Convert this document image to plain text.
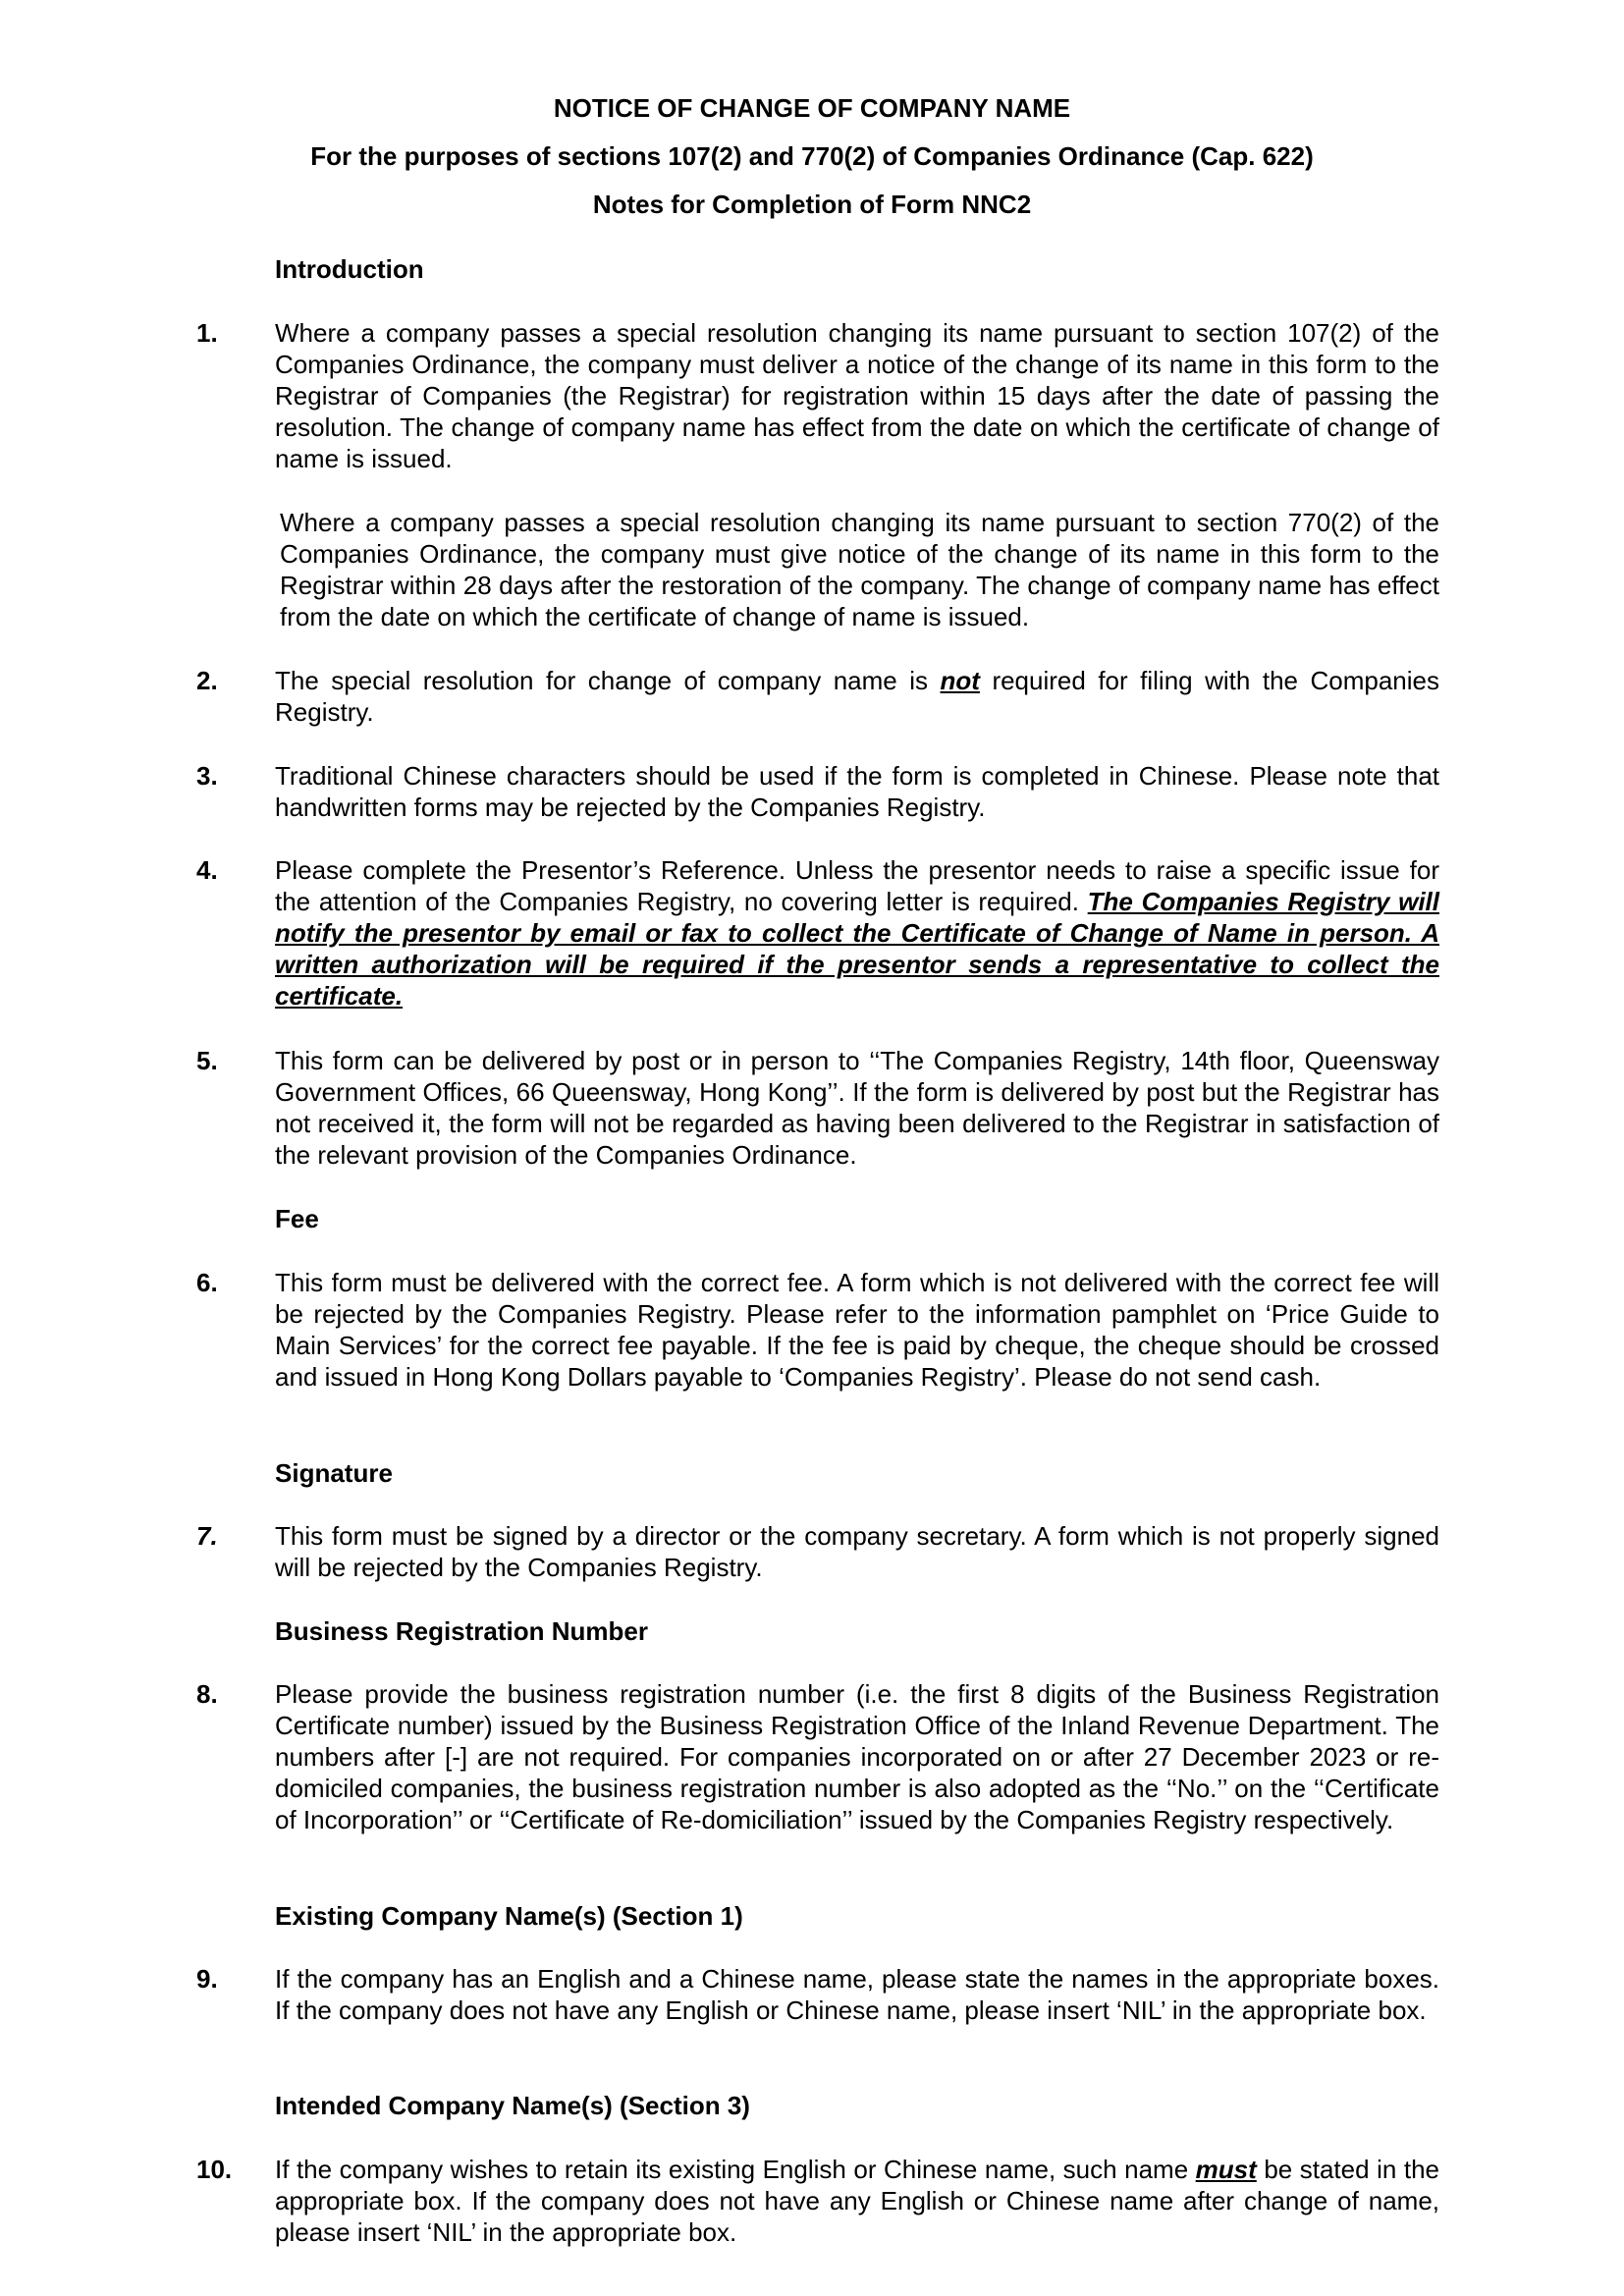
NOTICE OF CHANGE OF COMPANY NAME
For the purposes of sections 107(2) and 770(2) of Companies Ordinance (Cap. 622)
Notes for Completion of Form NNC2
Introduction
1. Where a company passes a special resolution changing its name pursuant to section 107(2) of the Companies Ordinance, the company must deliver a notice of the change of its name in this form to the Registrar of Companies (the Registrar) for registration within 15 days after the date of passing the resolution. The change of company name has effect from the date on which the certificate of change of name is issued.
Where a company passes a special resolution changing its name pursuant to section 770(2) of the Companies Ordinance, the company must give notice of the change of its name in this form to the Registrar within 28 days after the restoration of the company. The change of company name has effect from the date on which the certificate of change of name is issued.
2. The special resolution for change of company name is not required for filing with the Companies Registry.
3. Traditional Chinese characters should be used if the form is completed in Chinese. Please note that handwritten forms may be rejected by the Companies Registry.
4. Please complete the Presentor’s Reference. Unless the presentor needs to raise a specific issue for the attention of the Companies Registry, no covering letter is required. The Companies Registry will notify the presentor by email or fax to collect the Certificate of Change of Name in person. A written authorization will be required if the presentor sends a representative to collect the certificate.
5. This form can be delivered by post or in person to ‘‘The Companies Registry, 14th floor, Queensway Government Offices, 66 Queensway, Hong Kong’’. If the form is delivered by post but the Registrar has not received it, the form will not be regarded as having been delivered to the Registrar in satisfaction of the relevant provision of the Companies Ordinance.
Fee
6. This form must be delivered with the correct fee. A form which is not delivered with the correct fee will be rejected by the Companies Registry. Please refer to the information pamphlet on ‘Price Guide to Main Services’ for the correct fee payable. If the fee is paid by cheque, the cheque should be crossed and issued in Hong Kong Dollars payable to ‘Companies Registry’. Please do not send cash.
Signature
7. This form must be signed by a director or the company secretary. A form which is not properly signed will be rejected by the Companies Registry.
Business Registration Number
8. Please provide the business registration number (i.e. the first 8 digits of the Business Registration Certificate number) issued by the Business Registration Office of the Inland Revenue Department. The numbers after [-] are not required. For companies incorporated on or after 27 December 2023 or re-domiciled companies, the business registration number is also adopted as the ‘‘No.’’ on the ‘‘Certificate of Incorporation’’ or ‘‘Certificate of Re-domiciliation’’ issued by the Companies Registry respectively.
Existing Company Name(s) (Section 1)
9. If the company has an English and a Chinese name, please state the names in the appropriate boxes. If the company does not have any English or Chinese name, please insert ‘NIL’ in the appropriate box.
Intended Company Name(s) (Section 3)
10. If the company wishes to retain its existing English or Chinese name, such name must be stated in the appropriate box. If the company does not have any English or Chinese name after change of name, please insert ‘NIL’ in the appropriate box.
